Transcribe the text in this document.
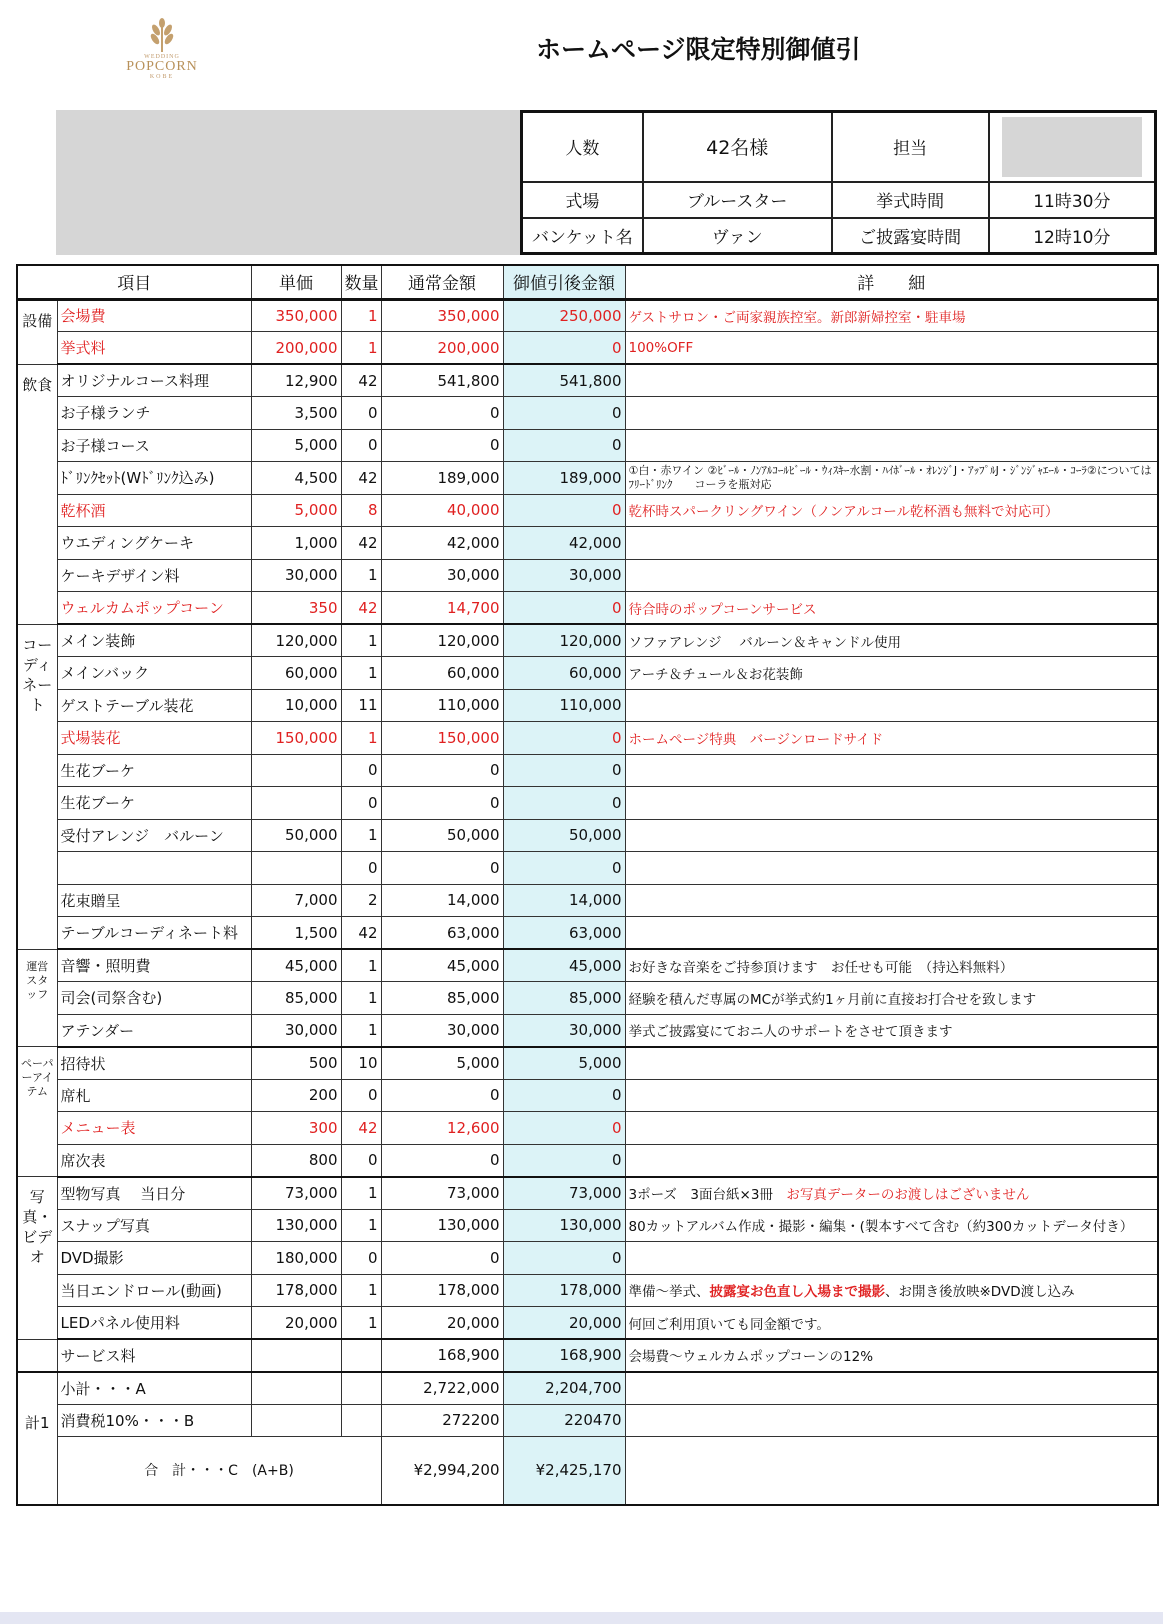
WEDDING
POPCORN
KOBE
ホームページ限定特別御値引
人数	42名様	担当	

式場	ブルースター	挙式時間	11時30分
バンケット名	ヴァン	ご披露宴時間	12時10分
項目		単価	数量	通常金額	御値引後金額	詳　　細
設備	会場費	350,000	1	350,000	250,000	ゲストサロン・ご両家親族控室。新郎新婦控室・駐車場
	挙式料	200,000	1	200,000	0	100%OFF
飲食	オリジナルコース料理	12,900	42	541,800	541,800	
	お子様ランチ	3,500	0	0	0	
	お子様コース	5,000	0	0	0	
	ﾄﾞﾘﾝｸｾｯﾄ(Wﾄﾞﾘﾝｸ込み)	4,500	42	189,000	189,000	①白・赤ワイン ②ﾋﾞｰﾙ・ﾉﾝｱﾙｺｰﾙﾋﾞｰﾙ・ｳｨｽｷｰ水割・ﾊｲﾎﾞｰﾙ・ｵﾚﾝｼﾞJ・ｱｯﾌﾟﾙJ・ｼﾞﾝｼﾞｬｴｰﾙ・ｺｰﾗ②についてはﾌﾘｰﾄﾞﾘﾝｸ　　コーラを瓶対応
	乾杯酒	5,000	8	40,000	0	乾杯時スパークリングワイン（ノンアルコール乾杯酒も無料で対応可）
	ウエディングケーキ	1,000	42	42,000	42,000	
	ケーキデザイン料	30,000	1	30,000	30,000	
	ウェルカムポップコーン	350	42	14,700	0	待合時のポップコーンサービス
コーディネート	メイン装飾	120,000	1	120,000	120,000	ソファアレンジ　 バルーン＆キャンドル使用
	メインバック	60,000	1	60,000	60,000	アーチ＆チュール＆お花装飾
	ゲストテーブル装花	10,000	11	110,000	110,000	
	式場装花	150,000	1	150,000	0	ホームページ特典　バージンロードサイド
	生花ブーケ		0	0	0	
	生花ブーケ		0	0	0	
	受付アレンジ　バルーン	50,000	1	50,000	50,000	
			0	0	0	
	花束贈呈	7,000	2	14,000	14,000	
	テーブルコーディネート料	1,500	42	63,000	63,000	
運営スタッフ	音響・照明費	45,000	1	45,000	45,000	お好きな音楽をご持参頂けます　お任せも可能　（持込料無料）
	司会(司祭含む)	85,000	1	85,000	85,000	経験を積んだ専属のMCが挙式約1ヶ月前に直接お打合せを致します
	アテンダー	30,000	1	30,000	30,000	挙式ご披露宴にておニ人のサポートをさせて頂きます
ペーパーアイテム	招待状	500	10	5,000	5,000	
	席札	200	0	0	0	
	メニュー表	300	42	12,600	0	
	席次表	800	0	0	0	
写真・ビデオ	型物写真　 当日分	73,000	1	73,000	73,000	3ポーズ　3面台紙×3冊　お写真データーのお渡しはございません
	スナップ写真	130,000	1	130,000	130,000	80カットアルバム作成・撮影・編集・(製本すべて含む（約300カットデータ付き）
	DVD撮影	180,000	0	0	0	
	当日エンドロール(動画)	178,000	1	178,000	178,000	準備～挙式、披露宴お色直し入場まで撮影、お開き後放映※DVD渡し込み
	LEDパネル使用料	20,000	1	20,000	20,000	何回ご利用頂いても同金額です。
	サービス料			168,900	168,900	会場費～ウェルカムポップコーンの12%
計1	小計・・・A			2,722,000	2,204,700	
	消費税10%・・・B			272200	220470	
	合　計・・・C　(A+B)			¥2,994,200	¥2,425,170	
